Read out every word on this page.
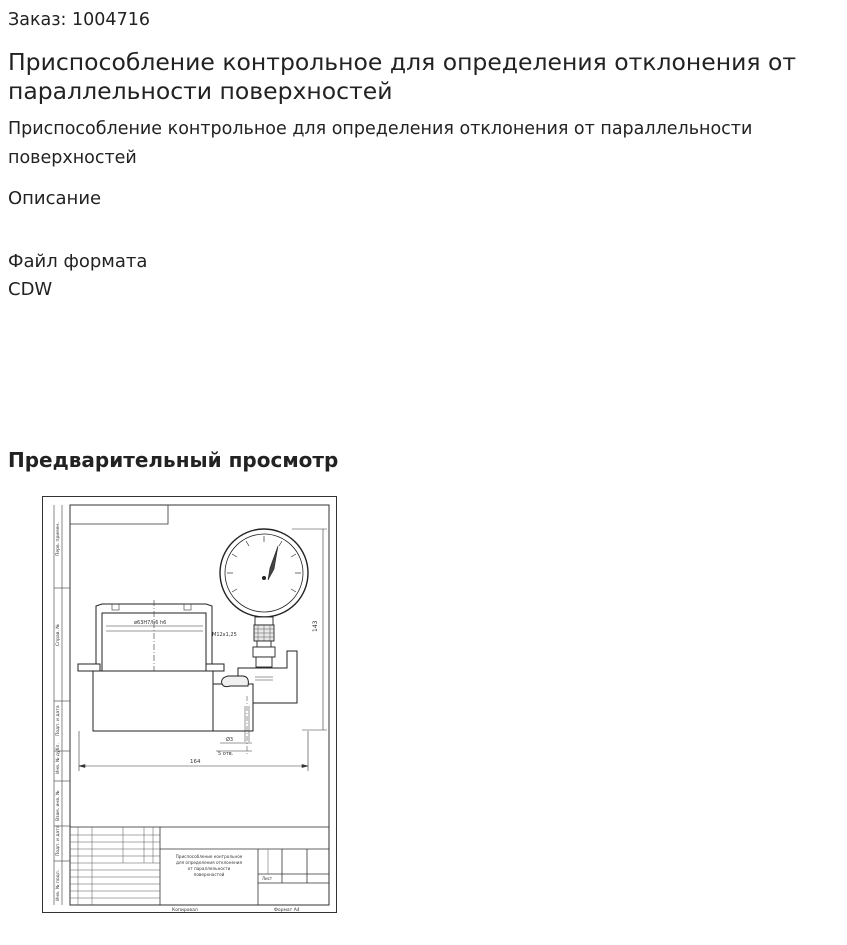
Заказ: 1004716
Приспособление контрольное для определения отклонения от параллельности поверхностей

Приспособление контрольное для определения отклонения от параллельности поверхностей

Описание
Файл формата
CDW
Предварительный просмотр
Перв. примен.
Справ. №
Подп. и дата
Инв. № дубл.
Взам. инв. №
Подп. и дата
Инв. № подл.
143
ø63Н7/h6 h6
М12х1,25
Ø3
5 отв.
164
Приспособление контрольное
для определения отклонения
от параллельности
поверхностей
Лист
Копировал	Формат А4
